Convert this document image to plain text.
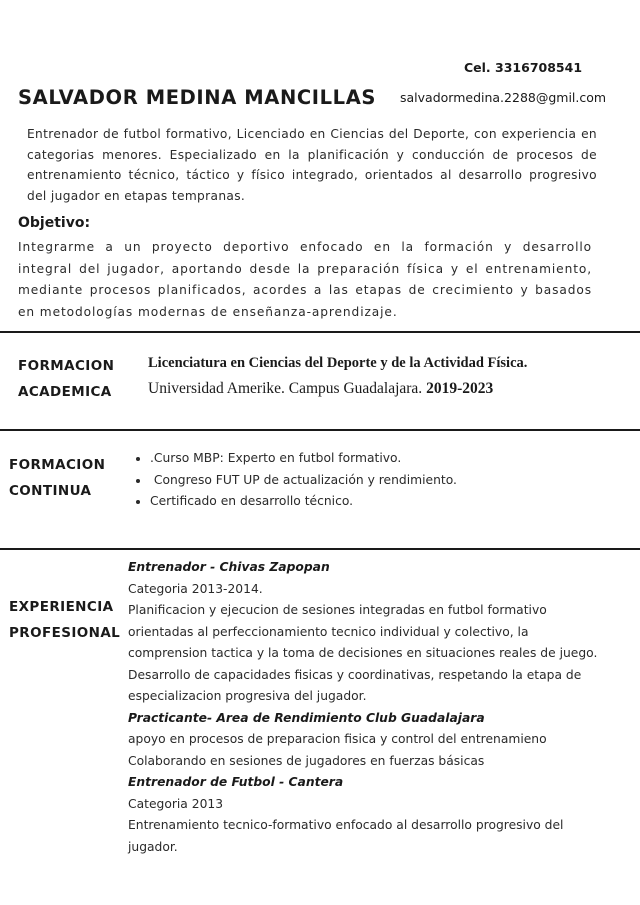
Cel. 3316708541
SALVADOR MEDINA MANCILLAS salvadormedina.2288@gmil.com
Entrenador de futbol formativo, Licenciado en Ciencias del Deporte, con experiencia en categorias menores. Especializado en la planificación y conducción de procesos de entrenamiento técnico, táctico y físico integrado, orientados al desarrollo progresivo del jugador en etapas tempranas.
Objetivo:
Integrarme a un proyecto deportivo enfocado en la formación y desarrollo integral del jugador, aportando desde la preparación física y el entrenamiento, mediante procesos planificados, acordes a las etapas de crecimiento y basados en metodologías modernas de enseñanza-aprendizaje.
FORMACION
ACADEMICA
Licenciatura en Ciencias del Deporte y de la Actividad Física.
Universidad Amerike. Campus Guadalajara. 2019-2023
FORMACION
CONTINUA
• .Curso MBP: Experto en futbol formativo.
•  Congreso FUT UP de actualización y rendimiento.
• Certificado en desarrollo técnico.
EXPERIENCIA
PROFESIONAL
Entrenador - Chivas Zapopan
Categoria 2013-2014.
Planificacion y ejecucion de sesiones integradas en futbol formativo
orientadas al perfeccionamiento tecnico individual y colectivo, la
comprension tactica y la toma de decisiones en situaciones reales de juego.
Desarrollo de capacidades fisicas y coordinativas, respetando la etapa de
especializacion progresiva del jugador.
Practicante- Area de Rendimiento Club Guadalajara
apoyo en procesos de preparacion fisica y control del entrenamieno
Colaborando en sesiones de jugadores en fuerzas básicas
Entrenador de Futbol - Cantera
Categoria 2013
Entrenamiento tecnico-formativo enfocado al desarrollo progresivo del
jugador.
